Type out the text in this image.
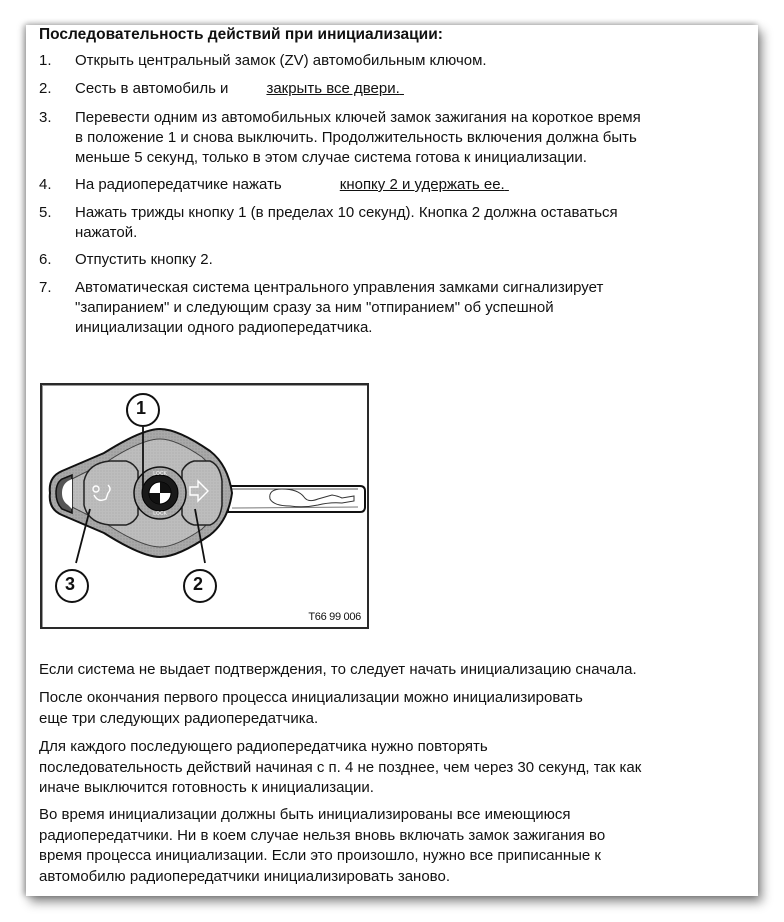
Последовательность действий при инициализации:
1.	Открыть центральный замок (ZV) автомобильным ключом.
2.	Сесть в автомобиль и	закрыть все двери.
3.	Перевести одним из автомобильных ключей замок зажигания на короткое время
в положение 1 и снова выключить. Продолжительность включения должна быть
меньше 5 секунд, только в этом случае система готова к инициализации.
4.	На радиопередатчике нажать	кнопку 2 и удержать ее.
5.	Нажать трижды кнопку 1 (в пределах 10 секунд). Кнопка 2 должна оставаться
нажатой.
6.	Отпустить кнопку 2.
7.	Автоматическая система центрального управления замками сигнализирует
"запиранием" и следующим сразу за ним "отпиранием" об успешной
инициализации одного радиопередатчика.
LOCK
LOCK
1
3	2
T66 99 006
Если система не выдает подтверждения, то следует начать инициализацию сначала.
После окончания первого процесса инициализации можно инициализировать
еще три следующих радиопередатчика.
Для каждого последующего радиопередатчика нужно повторять
последовательность действий начиная с п. 4 не позднее, чем через 30 секунд, так как
иначе выключится готовность к инициализации.
Во время инициализации должны быть инициализированы все имеющиюся
радиопередатчики. Ни в коем случае нельзя вновь включать замок зажигания во
время процесса инициализации. Если это произошло, нужно все приписанные к
автомобилю радиопередатчики инициализировать заново.
